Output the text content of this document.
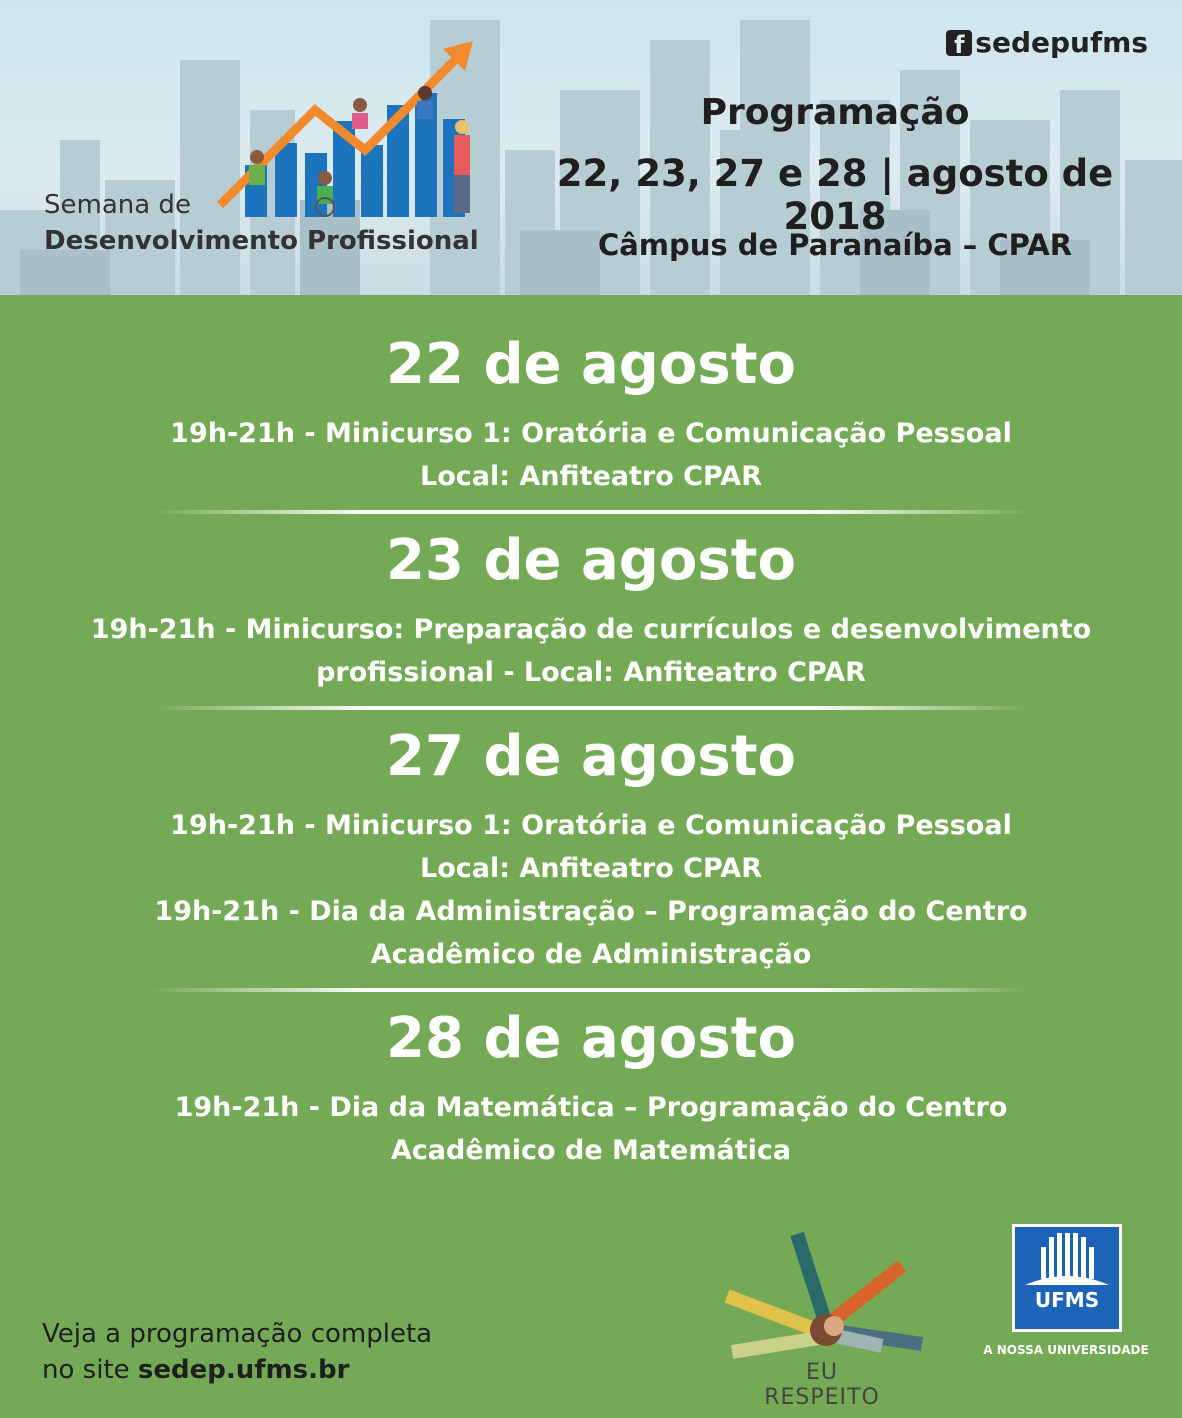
Semana de
Desenvolvimento Profissional
f sedepufms
Programação
22, 23, 27 e 28 | agosto de 2018
Câmpus de Paranaíba – CPAR
22 de agosto
19h-21h - Minicurso 1: Oratória e Comunicação Pessoal
Local: Anfiteatro CPAR
23 de agosto
19h-21h - Minicurso: Preparação de currículos e desenvolvimento
profissional - Local: Anfiteatro CPAR
27 de agosto
19h-21h - Minicurso 1: Oratória e Comunicação Pessoal
Local: Anfiteatro CPAR
19h-21h - Dia da Administração – Programação do Centro
Acadêmico de Administração
28 de agosto
19h-21h - Dia da Matemática – Programação do Centro
Acadêmico de Matemática
Veja a programação completa
no site sedep.ufms.br	EU RESPEITO
UFMS
A NOSSA UNIVERSIDADE
